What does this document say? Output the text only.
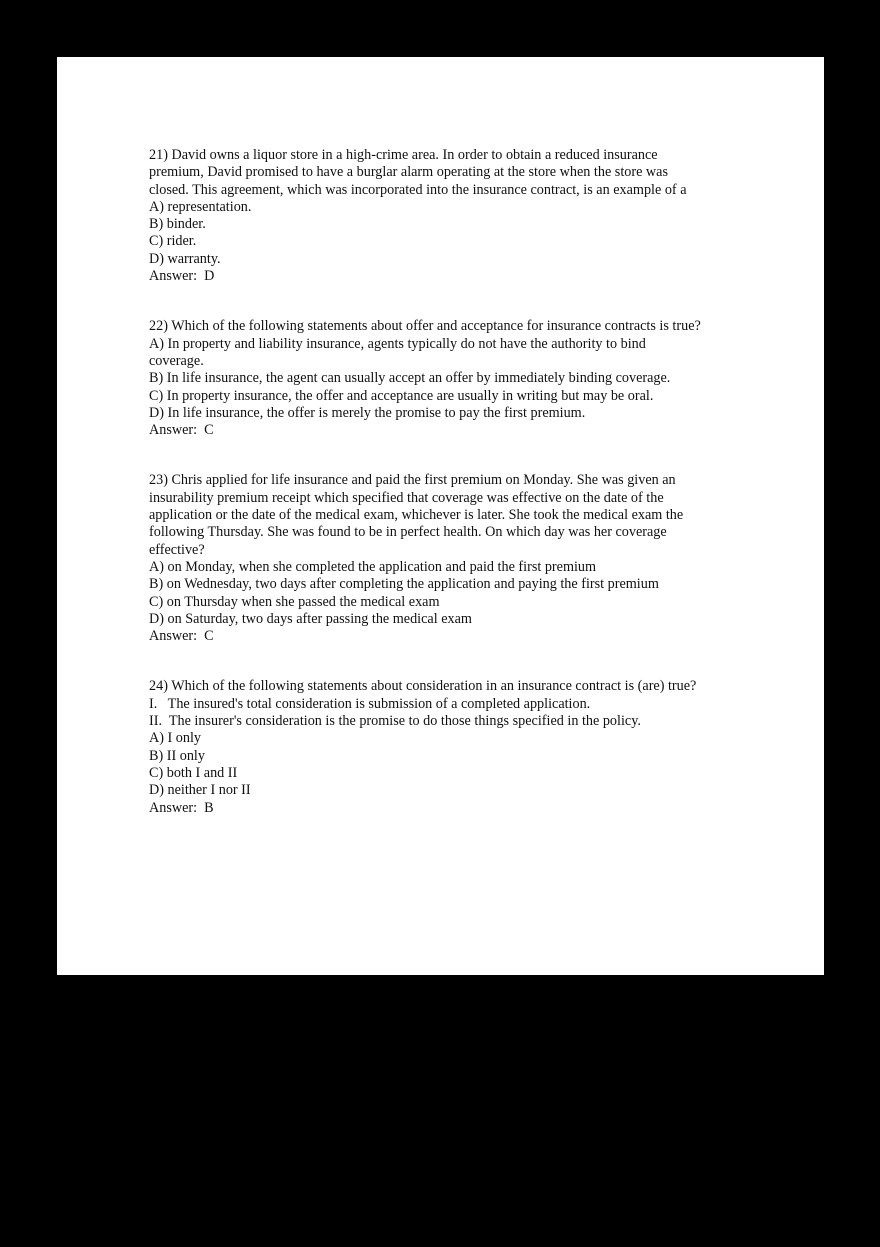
21) David owns a liquor store in a high-crime area. In order to obtain a reduced insurance
premium, David promised to have a burglar alarm operating at the store when the store was
closed. This agreement, which was incorporated into the insurance contract, is an example of a
A) representation.
B) binder.
C) rider.
D) warranty.
Answer:  D
22) Which of the following statements about offer and acceptance for insurance contracts is true?
A) In property and liability insurance, agents typically do not have the authority to bind
coverage.
B) In life insurance, the agent can usually accept an offer by immediately binding coverage.
C) In property insurance, the offer and acceptance are usually in writing but may be oral.
D) In life insurance, the offer is merely the promise to pay the first premium.
Answer:  C
23) Chris applied for life insurance and paid the first premium on Monday. She was given an
insurability premium receipt which specified that coverage was effective on the date of the
application or the date of the medical exam, whichever is later. She took the medical exam the
following Thursday. She was found to be in perfect health. On which day was her coverage
effective?
A) on Monday, when she completed the application and paid the first premium
B) on Wednesday, two days after completing the application and paying the first premium
C) on Thursday when she passed the medical exam
D) on Saturday, two days after passing the medical exam
Answer:  C
24) Which of the following statements about consideration in an insurance contract is (are) true?
I.   The insured's total consideration is submission of a completed application.
II.  The insurer's consideration is the promise to do those things specified in the policy.
A) I only
B) II only
C) both I and II
D) neither I nor II
Answer:  B
